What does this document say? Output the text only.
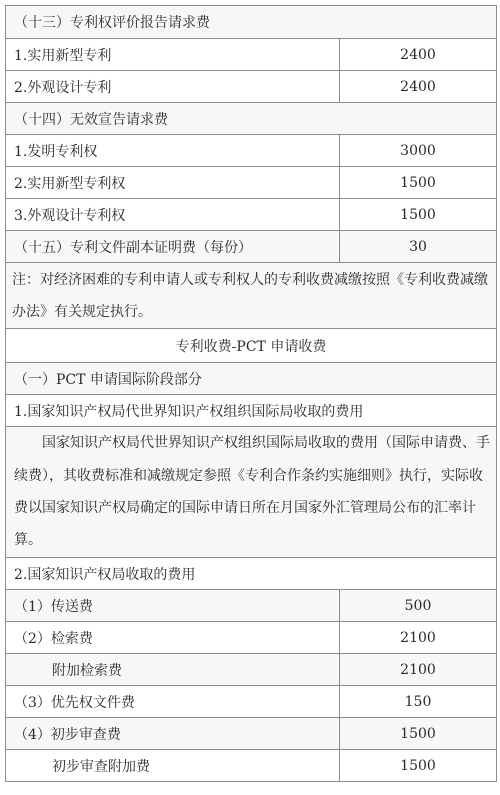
（十三）专利权评价报告请求费	
1.实用新型专利	2400
2.外观设计专利	2400
（十四）无效宣告请求费	
1.发明专利权	3000
2.实用新型专利权	1500
3.外观设计专利权	1500
（十五）专利文件副本证明费（每份）	30
注：对经济困难的专利申请人或专利权人的专利收费减缴按照《专利收费减缴办法》有关规定执行。	
专利收费-PCT 申请收费	
（一）PCT 申请国际阶段部分	
1.国家知识产权局代世界知识产权组织国际局收取的费用	
国家知识产权局代世界知识产权组织国际局收取的费用（国际申请费、手续费），其收费标准和减缴规定参照《专利合作条约实施细则》执行，实际收费以国家知识产权局确定的国际申请日所在月国家外汇管理局公布的汇率计算。	
2.国家知识产权局收取的费用	
（1）传送费	500
（2）检索费	2100
附加检索费	2100
（3）优先权文件费	150
（4）初步审查费	1500
初步审查附加费	1500
